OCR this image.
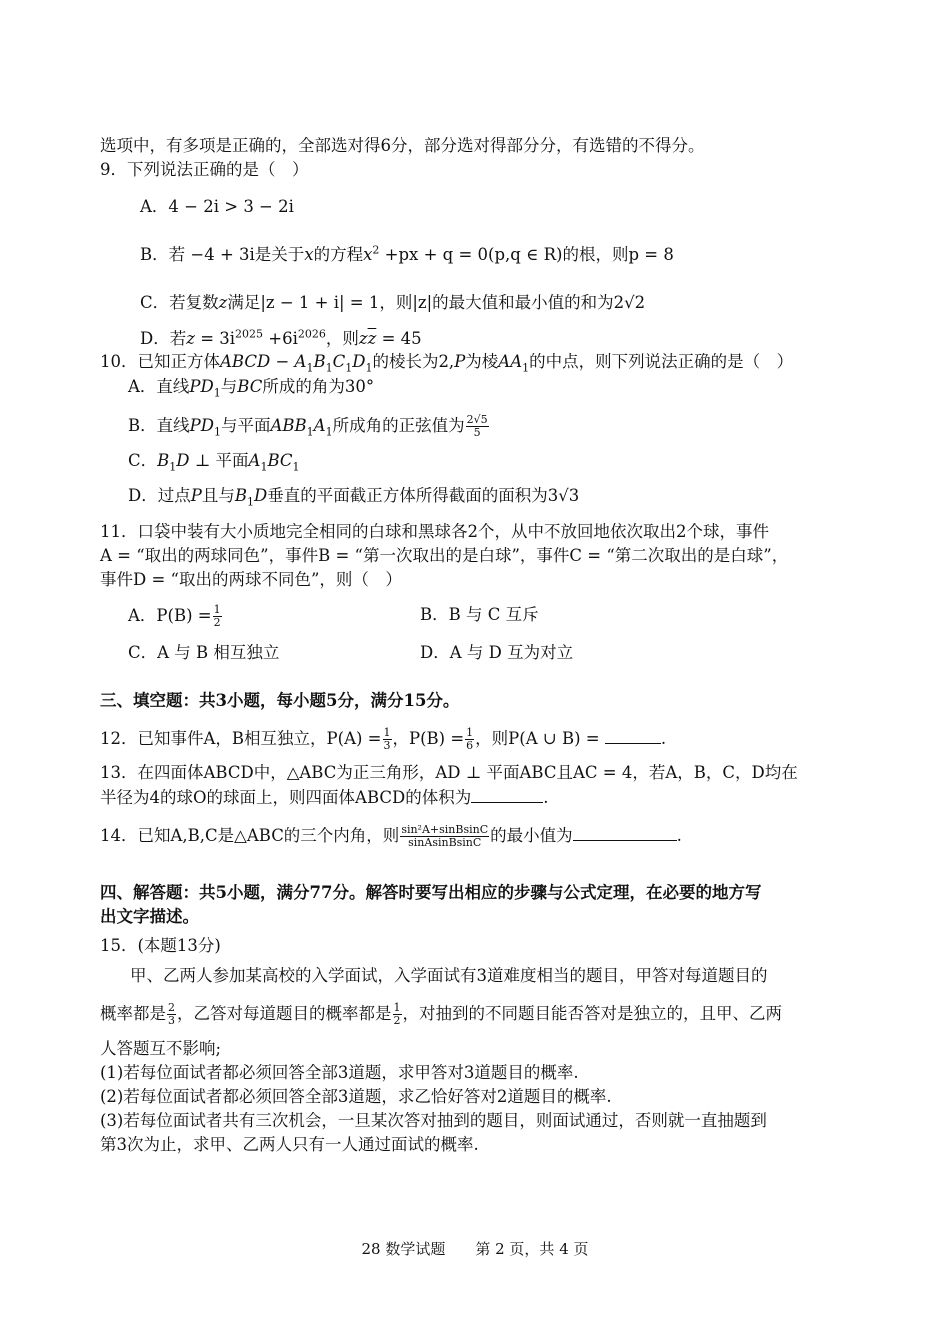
选项中，有多项是正确的，全部选对得6分，部分选对得部分分，有选错的不得分。
9．下列说法正确的是（　）
A．4 − 2i > 3 − 2i
B．若 −4 + 3i是关于x的方程$x^2 +px + q = 0(p,q$ ∈ R)的根，则p = 8
C．若复数z满足|z − 1 + i| = 1，则|z|的最大值和最小值的和为2√2
D．若$z = 3i^{2025} +6i^{2026}$，则$z\overline{z} = 45$
10．已知正方体ABCD − $A_1B_1C_1D_1$的棱长为2,P为棱$AA_1$的中点，则下列说法正确的是（　）
A．直线$PD_1$与BC所成的角为30°
B．直线$PD_1$与平面$ABB_1A_1$所成角的正弦值为 $\frac{2√5}{5}$
C．$B_1D$ ⊥ 平面$A_1BC_1$
D．过点P且与$B_1D$垂直的平面截正方体所得截面的面积为3√3
11．口袋中装有大小质地完全相同的白球和黑球各2个，从中不放回地依次取出2个球，事件
A = “取出的两球同色”，事件B = “第一次取出的是白球”，事件C = “第二次取出的是白球”，
事件D = “取出的两球不同色”，则（　）
A．$P(B) = \frac{1}{2}$	B．B 与 C 互斥
C．A 与 B 相互独立	D．A 与 D 互为对立
三、填空题：共3小题，每小题5分，满分15分。
12．已知事件A，B相互独立，$P(A) = \frac{1}{3}$ ，$P(B) = \frac{1}{6}$ ，则P(A ∪ B) =	.
13．在四面体ABCD中，△ABC为正三角形，AD ⊥ 平面ABC且AC = 4，若A，B，C，D均在
半径为4的球O的球面上，则四面体ABCD的体积为	.
14．已知A,B,C是△ABC的三个内角，则 $\frac{\text{sin²A+sinBsinC}}{\text{sinAsinBsinC}}$ 的最小值为	.
四、解答题：共5小题，满分77分。解答时要写出相应的步骤与公式定理，在必要的地方写
出文字描述。
15．(本题13分)
甲、乙两人参加某高校的入学面试，入学面试有3道难度相当的题目，甲答对每道题目的
概率都是 $\frac{2}{3}$ ，乙答对每道题目的概率都是 $\frac{1}{2}$ ，对抽到的不同题目能否答对是独立的，且甲、乙两
人答题互不影响;
(1)若每位面试者都必须回答全部3道题，求甲答对3道题目的概率.
(2)若每位面试者都必须回答全部3道题，求乙恰好答对2道题目的概率.
(3)若每位面试者共有三次机会，一旦某次答对抽到的题目，则面试通过，否则就一直抽题到
第3次为止，求甲、乙两人只有一人通过面试的概率.
28 数学试题　　第 2 页，共 4 页
